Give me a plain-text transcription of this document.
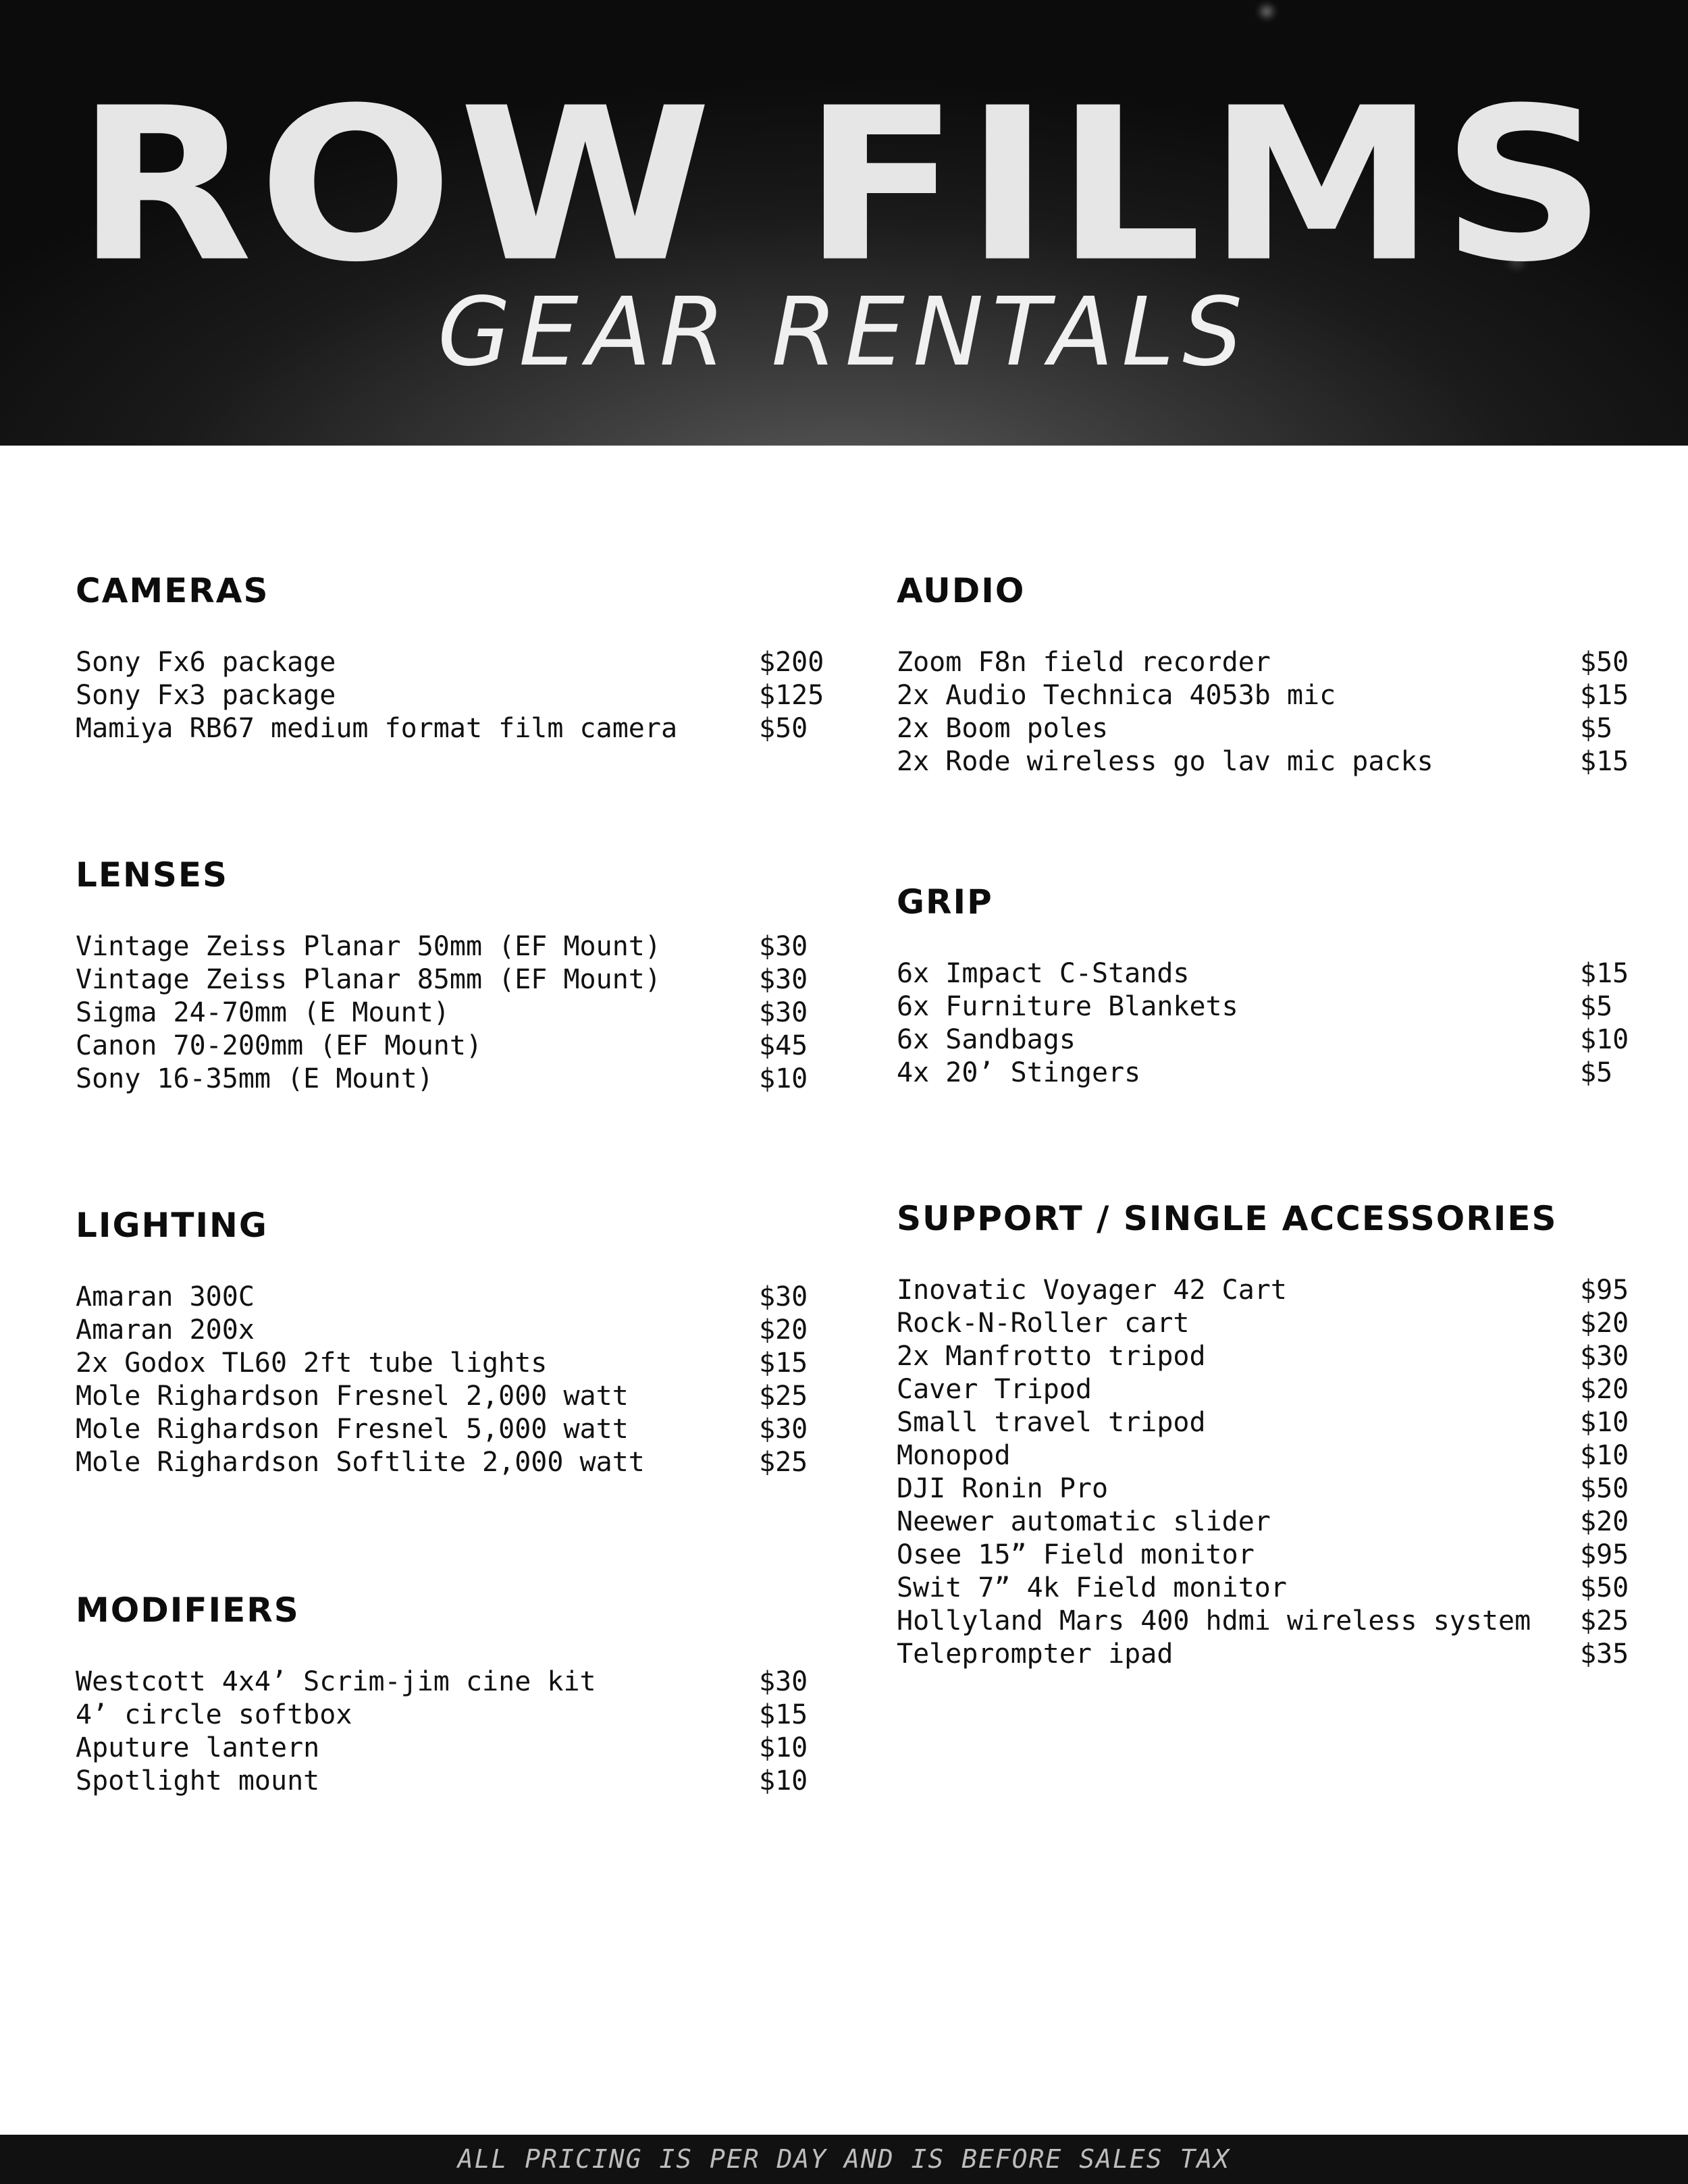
ROW FILMS
GEAR RENTALS
CAMERAS
Sony Fx6 package	$200
Sony Fx3 package	$125
Mamiya RB67 medium format film camera	$50
LENSES
Vintage Zeiss Planar 50mm (EF Mount)	$30
Vintage Zeiss Planar 85mm (EF Mount)	$30
Sigma 24-70mm (E Mount)	$30
Canon 70-200mm (EF Mount)	$45
Sony 16-35mm (E Mount)	$10
LIGHTING
Amaran 300C	$30
Amaran 200x	$20
2x Godox TL60 2ft tube lights	$15
Mole Righardson Fresnel 2,000 watt	$25
Mole Righardson Fresnel 5,000 watt	$30
Mole Righardson Softlite 2,000 watt	$25
MODIFIERS
Westcott 4x4’ Scrim-jim cine kit	$30
4’ circle softbox	$15
Aputure lantern	$10
Spotlight mount	$10
AUDIO
Zoom F8n field recorder	$50
2x Audio Technica 4053b mic	$15
2x Boom poles	$5
2x Rode wireless go lav mic packs	$15
GRIP
6x Impact C-Stands	$15
6x Furniture Blankets	$5
6x Sandbags	$10
4x 20’ Stingers	$5
SUPPORT / SINGLE ACCESSORIES
Inovatic Voyager 42 Cart	$95
Rock-N-Roller cart	$20
2x Manfrotto tripod	$30
Caver Tripod	$20
Small travel tripod	$10
Monopod	$10
DJI Ronin Pro	$50
Neewer automatic slider	$20
Osee 15” Field monitor	$95
Swit 7” 4k Field monitor	$50
Hollyland Mars 400 hdmi wireless system	$25
Teleprompter ipad	$35
ALL PRICING IS PER DAY AND IS BEFORE SALES TAX
